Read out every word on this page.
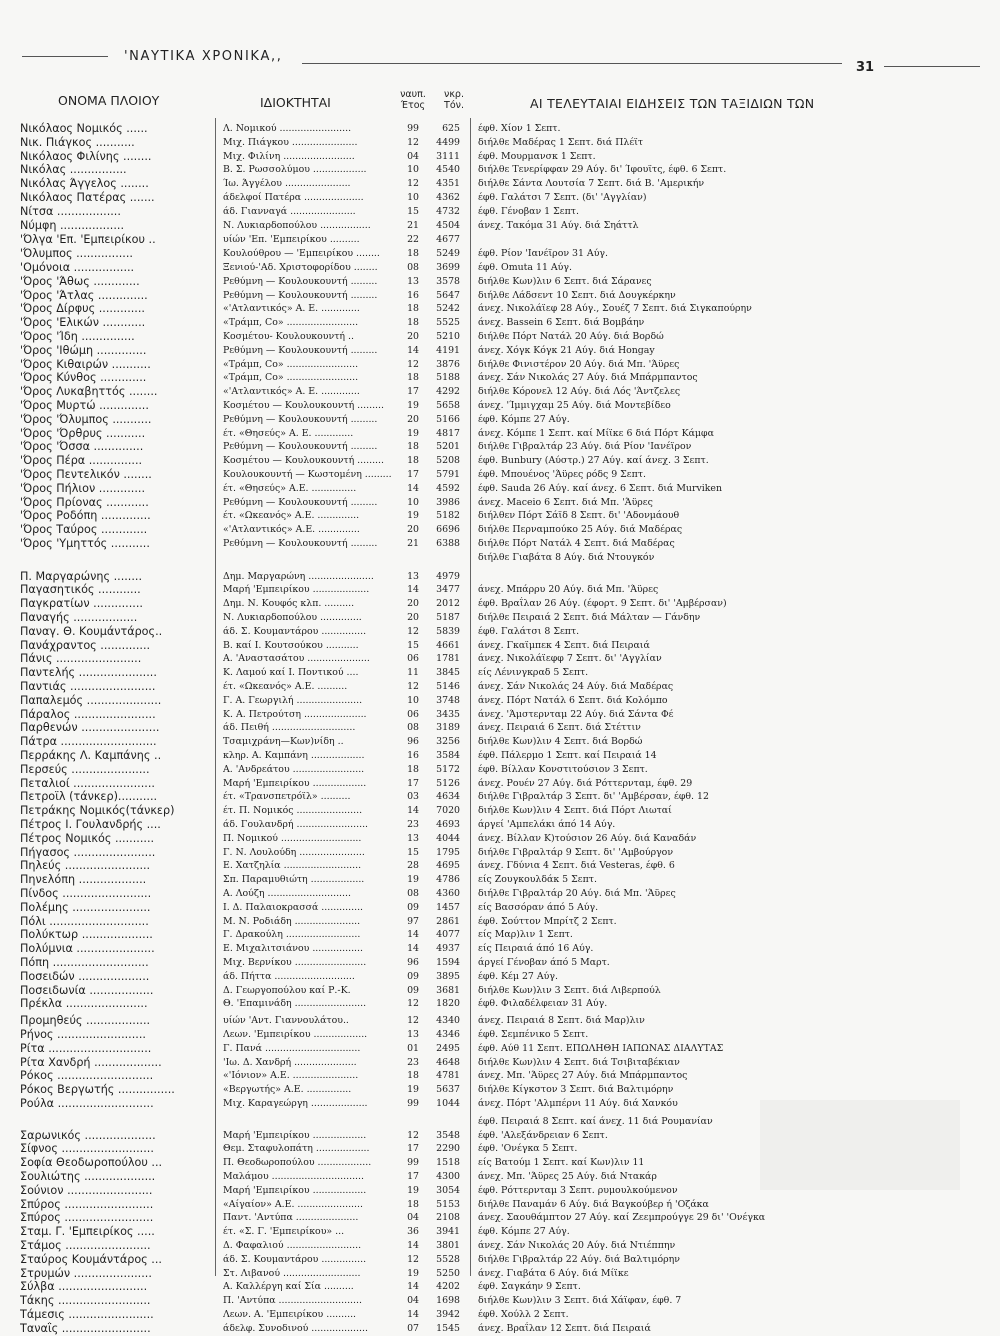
'ΝΑΥΤΙΚΑ ΧΡΟΝΙΚΑ,,
31
ΟΝΟΜΑ ΠΛΟΙΟΥ	ΙΔΙΟΚΤΗΤΑΙ
ναυπ.
Έτος
νκρ.
Τόν.	ΑΙ ΤΕΛΕΥΤΑΙΑΙ ΕΙΔΗΣΕΙΣ ΤΩΝ ΤΑΞΙΔΙΩΝ ΤΩΝ
Νικόλαος Νομικός ......	Λ. Νομικού ........................	99	625 έφθ. Χίον 1 Σεπτ.
Νικ. Πιάγκος ...........	Μιχ. Πιάγκου ......................	12	4499 διήλθε Μαδέρας 1 Σεπτ. διά Πλέϊτ
Νικόλαος Φιλίνης ........	Μιχ. Φιλίνη ........................	04	3111 έφθ. Μουρμανσκ 1 Σεπτ.
Νικόλας ................	Β. Σ. Ρωσσολύμου ..................	10	4540 διήλθε Τενερίφφαν 29 Αύγ. δι' Ίφουϊτς, έφθ. 6 Σεπτ.
Νικόλας Άγγελος ........	Ίω. Άγγέλου ......................	12	4351 διήλθε Σάντα Λουτσία 7 Σεπτ. διά Β. 'Αμερικήν
Νικόλαος Πατέρας .......	άδελφοί Πατέρα ....................	10	4362 έφθ. Γαλάτσι 7 Σεπτ. (δι' 'Αγγλίαν)
Νίτσα ..................	άδ. Γιανναγά ......................	15	4732 έφθ. Γένοβαν 1 Σεπτ.
Νύμφη ..................	Ν. Λυκιαρδοπούλου .................	21	4504 άνεχ. Τακόμα 31 Αύγ. διά Σηάττλ
'Όλγα 'Επ. 'Εμπειρίκου ..	υίών 'Επ. 'Εμπειρίκου ..........	22	4677
'Όλυμπος ................	Κουλούθρου — 'Εμπειρίκου ........	18	5249 έφθ. Ρίον 'Ιανέϊρον 31 Αύγ.
'Ομόνοια .................	Ξενιού-'Αδ. Χριστοφορίδου ........	08	3699 έφθ. Omuta 11 Αύγ.
'Όρος 'Άθως .............	Ρεθύμνη — Κουλουκουντή .........	13	3578 διήλθε Κων)λιν 6 Σεπτ. διά Σάρανες
'Όρος 'Άτλας ..............	Ρεθύμνη — Κουλουκουντή .........	16	5647 διήλθε Λάδσεντ 10 Σεπτ. διά Δουγκέρκην
'Όρος Δίρφυς .............	«'Ατλαντικός» Α. Ε. .............	18	5242 άνεχ. Νικολάϊεφ 28 Αύγ., Σουέζ 7 Σεπτ. διά Σιγκαπούρην
'Όρος 'Ελικών ............	«Τράμπ, Co» ........................	18	5525 άνεχ. Bassein 6 Σεπτ. διά Βομβάην
'Όρος 'Ίδη ...............	Κοσμέτου- Κουλουκουντή ..	20	5210 διήλθε Πόρτ Νατάλ 20 Αύγ. διά Βορδώ
'Όρος 'Ιθώμη ..............	Ρεθύμνη — Κουλουκουντή .........	14	4191 άνεχ. Χόγκ Κόγκ 21 Αύγ. διά Hongay
'Όρος Κιθαιρών ...........	«Τράμπ, Co» ........................	12	3876 διήλθε Φινιστέρον 20 Αύγ. διά Μπ. 'Άϋρες
'Όρος Κύνθος .............	«Τράμπ, Co» ........................	18	5188 άνεχ. Σάν Νικολάς 27 Αύγ. διά Μπάρμπαντος
'Όρος Λυκαβηττός ........	«'Ατλαντικός» Α. Ε. .............	17	4292 διήλθε Κόρονελ 12 Αύγ. διά Λός 'Άντζελες
'Όρος Μυρτώ ..............	Κοσμέτου — Κουλουκουντή .........	19	5658 άνεχ. 'Ίμμιγχαμ 25 Αύγ. διά Μοντεβίδεο
'Όρος 'Όλυμπος ...........	Ρεθύμνη — Κουλουκουντή .........	20	5166 έφθ. Κόμπε 27 Αύγ.
'Όρος 'Όρθρυς ...........	έτ. «Θησεύς» Α. Ε. .............	19	4817 άνεχ. Κόμπε 1 Σεπτ. καί Μίϊκε 6 διά Πόρτ Κάμφα
'Όρος 'Όσσα ..............	Ρεθύμνη — Κουλουκουντή .........	18	5201 διήλθε Γιβραλτάρ 23 Αύγ. διά Ρίον 'Ιανέϊρον
'Όρος Πέρα ...............	Κοσμέτου — Κουλουκουντή .........	18	5208 έφθ. Bunbury (Αύστρ.) 27 Αύγ. καί άνεχ. 3 Σεπτ.
'Όρος Πεντελικόν ........	Κουλουκουντή — Κωστομένη .........	17	5791 έφθ. Μπουένος 'Άϋρες ρόδς 9 Σεπτ.
'Όρος Πήλιον .............	έτ. «Θησεύς» Α.Ε. ...............	14	4592 έφθ. Sauda 26 Αύγ. καί άνεχ. 6 Σεπτ. διά Murviken
'Όρος Πρίονας ............	Ρεθύμνη — Κουλουκουντή .........	10	3986 άνεχ. Maceio 6 Σεπτ. διά Μπ. 'Άϋρες
'Όρος Ροδόπη ..............	έτ. «Ωκεανός» Α.Ε. ..............	19	5182 διήλθεν Πόρτ Σάϊδ 8 Σεπτ. δι' 'Αδονμάουθ
'Όρος Ταύρος .............	«'Ατλαντικός» Α.Ε. ..............	20	6696 διήλθε Περναμπούκο 25 Αύγ. διά Μαδέρας
'Όρος 'Υμηττός ...........	Ρεθύμνη — Κουλουκουντή .........	21	6388 διήλθε Πόρτ Νατάλ 4 Σεπτ. διά Μαδέρας
διήλθε Γιαβάτα 8 Αύγ. διά Ντουγκόν
Π. Μαργαρώνης ........	Δημ. Μαργαρώνη ......................	13	4979
Παγασητικός ............	Μαρή 'Εμπειρίκου ...................	14	3477 άνεχ. Μπάρρυ 20 Αύγ. διά Μπ. 'Άϋρες
Παγκρατίων ..............	Δημ. Ν. Κουφός κλπ. ..........	20	2012 έφθ. Βραΐλαν 26 Αύγ. (έφορτ. 9 Σεπτ. δι' 'Αμβέρσαν)
Παναγής ..................	Ν. Λυκιαρδοπούλου ..............	20	5187 διήλθε Πειραιά 2 Σεπτ. διά Μάλταν — Γάνδην
Παναγ. Θ. Κουμάντάρος..	άδ. Σ. Κουμαντάρου ...............	12	5839 έφθ. Γαλάτσι 8 Σεπτ.
Πανάχραντος ..............	Β. καί Ι. Κουτσούκου ...........	15	4661 άνεχ. Γκαϊμπεκ 4 Σεπτ. διά Πειραιά
Πάνις ........................	Α. 'Αναστασάτου .....................	06	1781 άνεχ. Νικολάϊεφφ 7 Σεπτ. δι' 'Αγγλίαν
Παντελής ......................	Κ. Λαμού καί Ι. Ποντικού ....	11	3845 είς Λένινγκραδ 5 Σεπτ.
Παντιάς ........................	έτ. «Ωκεανός» Α.Ε. ..........	12	5146 άνεχ. Σάν Νικολάς 24 Αύγ. διά Μαδέρας
Παπαλεμός .....................	Γ. Α. Γεωργιλή ......................	10	3748 άνεχ. Πόρτ Νατάλ 6 Σεπτ. διά Κολόμπο
Πάραλος .......................	Κ. Α. Πετρούτση .....................	06	3435 άνεχ. 'Άμστερνταμ 22 Αύγ. διά Σάντα Φέ
Παρθενών ......................	άδ. Πειθή ............................	08	3189 άνεχ. Πειραιά 6 Σεπτ. διά Στέττιν
Πάτρα ...........................	Τσαμιχράνη—Κων)νίδη ..	96	3256 διήλθε Κων)λιν 4 Σεπτ. διά Βορδώ
Περράκης Λ. Καμπάνης ..	κληρ. Α. Καμπάνη ..................	16	3584 έφθ. Πάλερμο 1 Σεπτ. καί Πειραιά 14
Περσεύς ......................	Α. 'Ανδρεάτου ........................	18	5172 έφθ. Βίλλαν Κονστιτούσιον 3 Σεπτ.
Πεταλιοί .......................	Μαρή 'Εμπειρίκου ..................	17	5126 άνεχ. Ρουέν 27 Αύγ. διά Ρόττερνταμ, έφθ. 29
Πετροϊλ (τάνκερ)...........	έτ. «Τρανσπετρόϊλ» ..........	03	4634 διήλθε Γιβραλτάρ 3 Σεπτ. δι' 'Αμβέρσαν, έφθ. 12
Πετράκης Νομικός(τάνκερ)	έτ. Π. Νομικός ......................	14	7020 διήλθε Κων)λιν 4 Σεπτ. διά Πόρτ Λιωταί
Πέτρος Ι. Γουλανδρής ....	άδ. Γουλανδρή ........................	23	4693 άργεί 'Αμπελάκι άπό 14 Αύγ.
Πέτρος Νομικός ...........	Π. Νομικού ...........................	13	4044 άνεχ. Βίλλαν Κ)τούσιον 26 Αύγ. διά Καναδάν
Πήγασος .......................	Γ. Ν. Λουλούδη ......................	15	1795 διήλθε Γιβραλτάρ 9 Σεπτ. δι' 'Αμβούργον
Πηλεύς ........................	Ε. Χατζηλία ..........................	28	4695 άνεχ. Γδύνια 4 Σεπτ. διά Vesteras, έφθ. 6
Πηνελόπη ...................	Σπ. Παραμυθιώτη ..................	19	4786 είς Ζουγκουλδάκ 5 Σεπτ.
Πίνδος .........................	Α. Λούζη ............................	08	4360 διήλθε Γιβραλτάρ 20 Αύγ. διά Μπ. 'Άϋρες
Πολέμης ......................	Ι. Δ. Παλαιοκρασσά ..............	09	1457 είς Βασσόραν άπό 5 Αύγ.
Πόλι ............................	Μ. Ν. Ροδιάδη ......................	97	2861 έφθ. Σούττον Μπρίτζ 2 Σεπτ.
Πολύκτωρ ....................	Γ. Δρακούλη .........................	14	4077 είς Μαρ)λιν 1 Σεπτ.
Πολύμνια ......................	Ε. Μιχαλιτσιάνου .................	14	4937 είς Πειραιά άπό 16 Αύγ.
Πόπη ...........................	Μιχ. Βερνίκου ........................	96	1594 άργεί Γένοβαν άπό 5 Μαρτ.
Ποσειδών ....................	άδ. Πήττα ...........................	09	3895 έφθ. Κέμ 27 Αύγ.
Ποσειδωνία ..................	Δ. Γεωργοπούλου καί Ρ.-Κ.	09	3681 διήλθε Κων)λιν 3 Σεπτ. διά Λιβερπούλ
Πρέκλα .......................	Θ. 'Επαμινάδη ........................	12	1820 έφθ. Φιλαδέλφειαν 31 Αύγ.
Προμηθεύς ..................	υίών 'Αντ. Γιαννουλάτου..	12	4340 άνεχ. Πειραιά 8 Σεπτ. διά Μαρ)λιν
Ρήνος .........................	Λεων. 'Εμπειρίκου ..................	13	4346 έφθ. Σεμπένικο 5 Σεπτ.
Ρίτα .............................	Γ. Πανά ................................	01	2495 έφθ. Αύθ 11 Σεπτ. ΕΠΩΛΗΘΗ ΙΑΠΩΝΑΣ ΔΙΑΛΥΤΑΣ
Ρίτα Χανδρή ...................	'Ιω. Δ. Χανδρή .....................	23	4648 διήλθε Κων)λιν 4 Σεπτ. διά Τσιβιταβέκιαν
Ρόκος ...........................	«'Ιόνιον» Α.Ε. ......................	18	4781 άνεχ. Μπ. 'Άϋρες 27 Αύγ. διά Μπάρμπαντος
Ρόκος Βεργωτής ................	«Βεργωτής» Α.Ε. ...............	19	5637 διήλθε Κίγκστον 3 Σεπτ. διά Βαλτιμόρην
Ρούλα ...........................	Μιχ. Καραγεώργη ...................	99	1044 άνεχ. Πόρτ 'Αλμπέρνι 11 Αύγ. διά Χανκόυ
έφθ. Πειραιά 8 Σεπτ. καί άνεχ. 11 διά Ρουμανίαν
Σαρωνικός ....................	Μαρή 'Εμπειρίκου ..................	12	3548 έφθ. 'Αλεξάνδρειαν 6 Σεπτ.
Σίφνος ..........................	Θεμ. Σταφυλοπάτη ..................	17	2290 έφθ. 'Ονέγκα 5 Σεπτ.
Σοφία Θεοδωροπούλου ...	Π. Θεοδωροπούλου ..................	99	1518 είς Βατούμ 1 Σεπτ. καί Κων)λιν 11
Σουλιώτης ....................	Μαλάμου ...............................	17	4300 άνεχ. Μπ. 'Άϋρες 25 Αύγ. διά Ντακάρ
Σούνιον ........................	Μαρή 'Εμπειρίκου ..................	19	3054 έφθ. Ρόττερνταμ 3 Σεπτ. ρυμουλκούμενον
Σπύρος .........................	«Αίγαίον» Α.Ε. ......................	18	5153 διήλθε Παναμάν 6 Αύγ. διά Βαγκούβερ ή 'Οζάκα
Σπύρος .........................	Παντ. 'Αντύπα .....................	04	2108 άνεχ. Σαουθάμπτον 27 Αύγ. καί Ζεεμπρούγγε 29 δι' 'Ονέγκα
Σταμ. Γ. 'Εμπειρίκος .....	έτ. «Σ. Γ. 'Εμπειρίκου» ...	36	3941 έφθ. Κόμπε 27 Αύγ.
Στάμος ........................	Δ. Φαφαλιού .........................	14	3801 άνεχ. Σάν Νικολάς 20 Αύγ. διά Ντιέππην
Σταύρος Κουμάντάρος ...	άδ. Σ. Κουμαντάρου ...............	12	5528 διήλθε Γιβραλτάρ 22 Αύγ. διά Βαλτιμόρην
Στρυμών ......................	Στ. Λιβανού ..........................	19	5250 άνεχ. Γιαβάτα 6 Αύγ. διά Μίϊκε
Σύλβα .........................	Α. Καλλέργη καί Σία ..........	14	4202 έφθ. Σαγκάην 9 Σεπτ.
Τάκης ..........................	Π. 'Αντύπα ............................	04	1698 διήλθε Κων)λιν 3 Σεπτ. διά Χάϊφαν, έφθ. 7
Τάμεσις ........................	Λεων. Α. 'Εμπειρίκου ..........	14	3942 έφθ. Χούλλ 2 Σεπτ.
Ταναΐς .........................	άδελφ. Συνοδινού ...................	07	1545 άνεχ. Βραΐλαν 12 Σεπτ. διά Πειραιά
